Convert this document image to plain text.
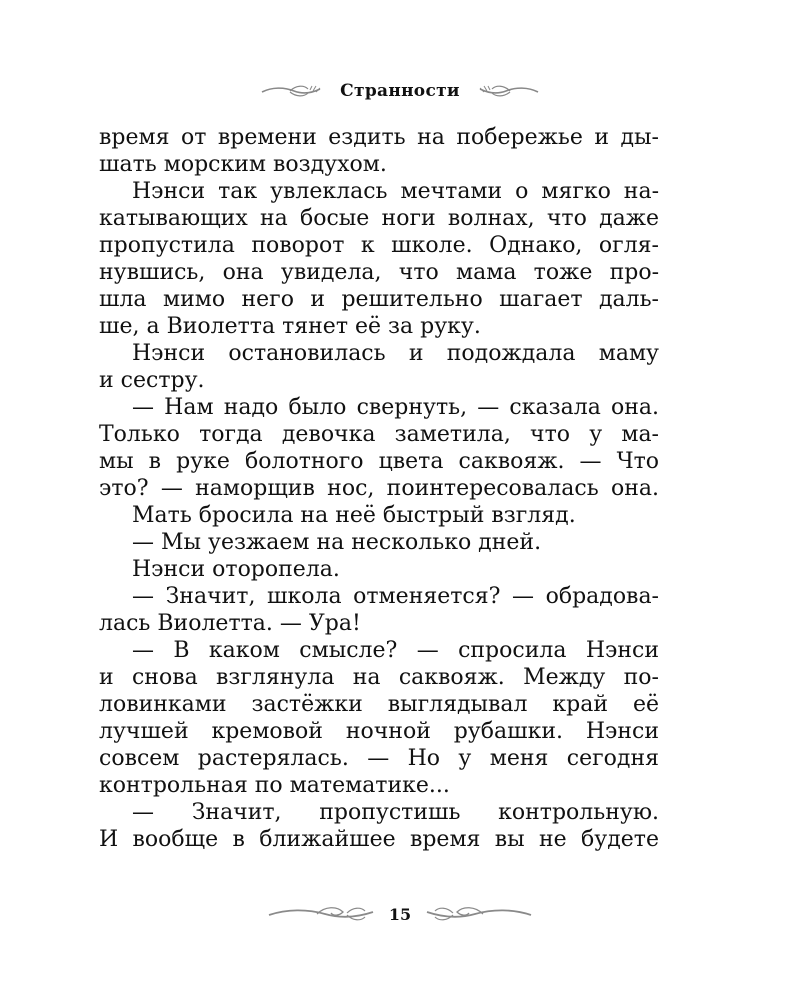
Странности
время от времени ездить на побережье и ды-
шать морским воздухом.
Нэнси так увлеклась мечтами о мягко на-
катывающих на босые ноги волнах, что даже
пропустила поворот к школе. Однако, огля-
нувшись, она увидела, что мама тоже про-
шла мимо него и решительно шагает даль-
ше, а Виолетта тянет её за руку.
Нэнси остановилась и подождала маму
и сестру.
— Нам надо было свернуть, — сказала она.
Только тогда девочка заметила, что у ма-
мы в руке болотного цвета саквояж. — Что
это? — наморщив нос, поинтересовалась она.
Мать бросила на неё быстрый взгляд.
— Мы уезжаем на несколько дней.
Нэнси оторопела.
— Значит, школа отменяется? — обрадова-
лась Виолетта. — Ура!
— В каком смысле? — спросила Нэнси
и снова взглянула на саквояж. Между по-
ловинками застёжки выглядывал край её
лучшей кремовой ночной рубашки. Нэнси
совсем растерялась. — Но у меня сегодня
контрольная по математике...
— Значит, пропустишь контрольную.
И вообще в ближайшее время вы не будете
15
